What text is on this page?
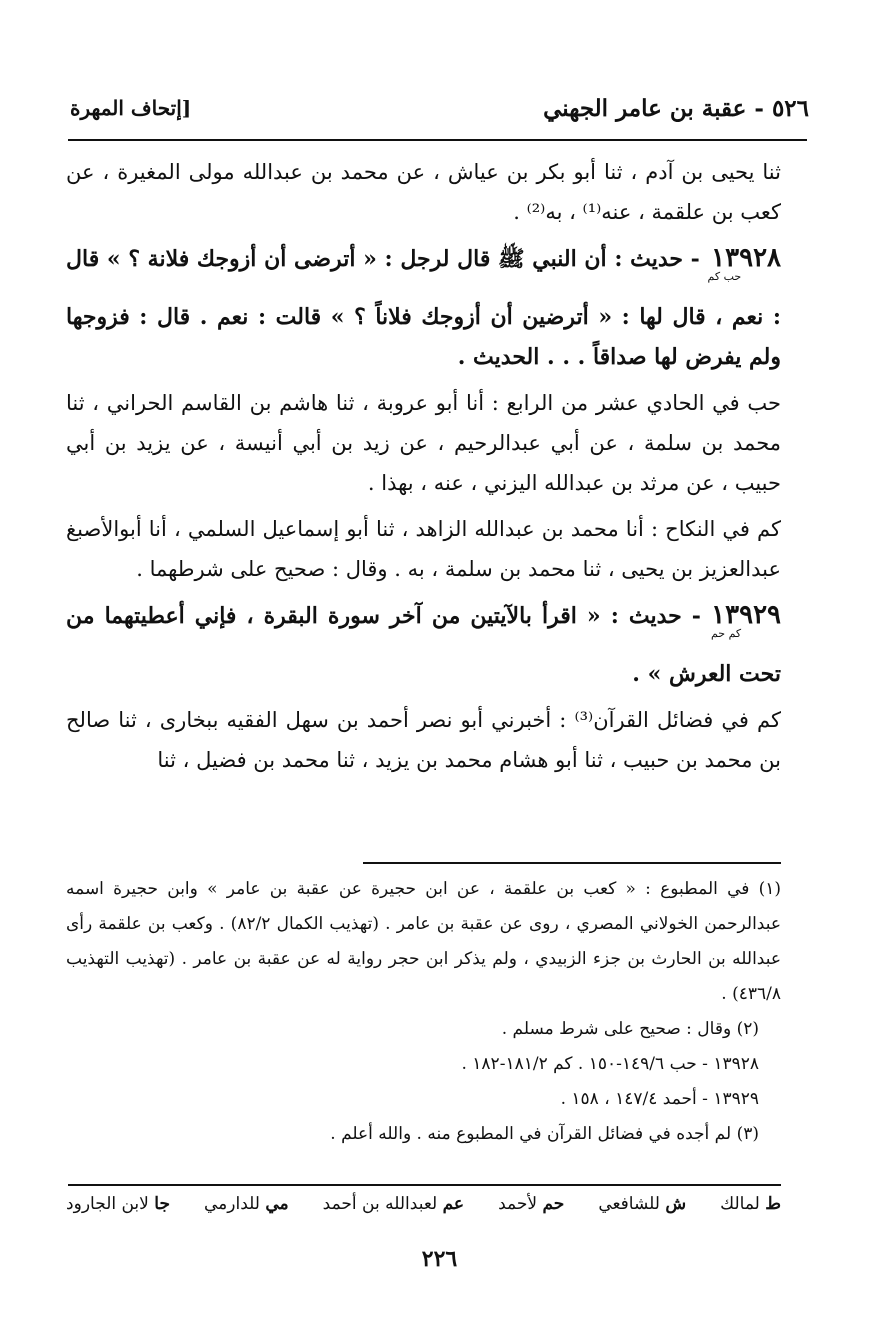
٥٢٦ - عقبة بن عامر الجهني
[إتحاف المهرة

ثنا يحيى بن آدم ، ثنا أبو بكر بن عياش ، عن محمد بن عبدالله مولى المغيرة ، عن كعب بن علقمة ، عنه⁽¹⁾ ، به⁽²⁾ .

١٣٩٢٨حب كم - حديث : أن النبي ﷺ قال لرجل : « أترضى أن أزوجك فلانة ؟ » قال : نعم ، قال لها : « أترضين أن أزوجك فلاناً ؟ » قالت : نعم . قال : فزوجها ولم يفرض لها صداقاً . . . الحديث .

حب في الحادي عشر من الرابع : أنا أبو عروبة ، ثنا هاشم بن القاسم الحراني ، ثنا محمد بن سلمة ، عن أبي عبدالرحيم ، عن زيد بن أبي أنيسة ، عن يزيد بن أبي حبيب ، عن مرثد بن عبدالله اليزني ، عنه ، بهذا .

كم في النكاح : أنا محمد بن عبدالله الزاهد ، ثنا أبو إسماعيل السلمي ، أنا أبوالأصبغ عبدالعزيز بن يحيى ، ثنا محمد بن سلمة ، به . وقال : صحيح على شرطهما .

١٣٩٢٩كم حم - حديث : « اقرأ بالآيتين من آخر سورة البقرة ، فإني أعطيتهما من تحت العرش » .

كم في فضائل القرآن⁽³⁾ : أخبرني أبو نصر أحمد بن سهل الفقيه ببخارى ، ثنا صالح بن محمد بن حبيب ، ثنا أبو هشام محمد بن يزيد ، ثنا محمد بن فضيل ، ثنا

(١) في المطبوع : « كعب بن علقمة ، عن ابن حجيرة عن عقبة بن عامر » وابن حجيرة اسمه عبدالرحمن الخولاني المصري ، روى عن عقبة بن عامر . (تهذيب الكمال ٨٢/٢) . وكعب بن علقمة رأى عبدالله بن الحارث بن جزء الزبيدي ، ولم يذكر ابن حجر رواية له عن عقبة بن عامر . (تهذيب التهذيب ٤٣٦/٨) .

(٢) وقال : صحيح على شرط مسلم .

١٣٩٢٨ - حب ١٤٩/٦-١٥٠ . كم ١٨١/٢-١٨٢ .

١٣٩٢٩ - أحمد ١٤٧/٤ ، ١٥٨ .

(٣) لم أجده في فضائل القرآن في المطبوع منه . والله أعلم .

ط لمالك
ش للشافعي
حم لأحمد
عم لعبدالله بن أحمد
مي للدارمي
جا لابن الجارود
٢٢٦
